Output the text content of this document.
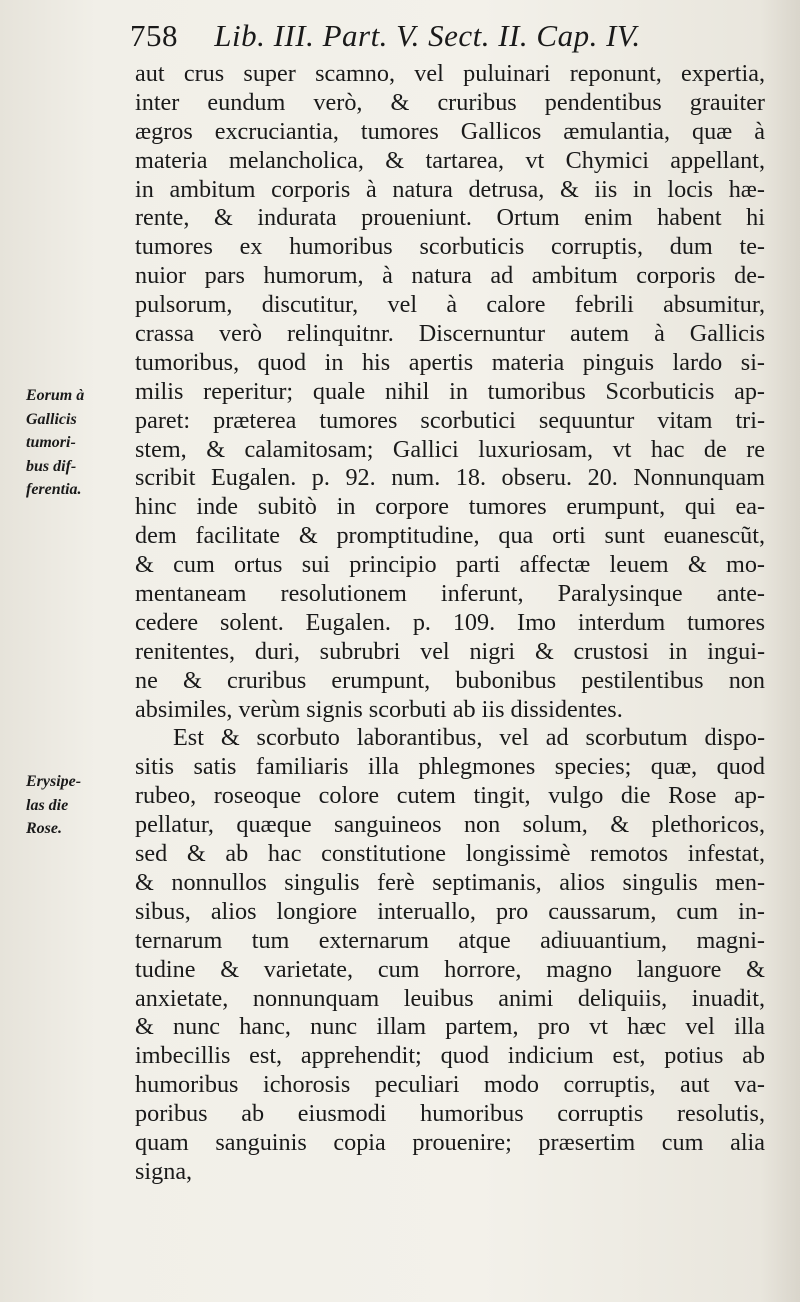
758 Lib. III. Part. V. Sect. II. Cap. IV.
aut crus super scamno, vel puluinari reponunt, expertia,
inter eundum verò, & cruribus pendentibus grauiter
ægros excruciantia, tumores Gallicos æmulantia, quæ à
materia melancholica, & tartarea, vt Chymici appellant,
in ambitum corporis à natura detrusa, & iis in locis hæ-
rente, & indurata proueniunt. Ortum enim habent hi
tumores ex humoribus scorbuticis corruptis, dum te-
nuior pars humorum, à natura ad ambitum corporis de-
pulsorum, discutitur, vel à calore febrili absumitur,
crassa verò relinquitnr. Discernuntur autem à Gallicis
tumoribus, quod in his apertis materia pinguis lardo si-
milis reperitur; quale nihil in tumoribus Scorbuticis ap-
paret: præterea tumores scorbutici sequuntur vitam tri-
stem, & calamitosam; Gallici luxuriosam, vt hac de re
scribit Eugalen. p. 92. num. 18. obseru. 20. Nonnunquam
hinc inde subitò in corpore tumores erumpunt, qui ea-
dem facilitate & promptitudine, qua orti sunt euanescũt,
& cum ortus sui principio parti affectæ leuem & mo-
mentaneam resolutionem inferunt, Paralysinque ante-
cedere solent. Eugalen. p. 109. Imo interdum tumores
renitentes, duri, subrubri vel nigri & crustosi in ingui-
ne & cruribus erumpunt, bubonibus pestilentibus non
absimiles, verùm signis scorbuti ab iis dissidentes.
Est & scorbuto laborantibus, vel ad scorbutum dispo-
sitis satis familiaris illa phlegmones species; quæ, quod
rubeo, roseoque colore cutem tingit, vulgo die Rose ap-
pellatur, quæque sanguineos non solum, & plethoricos,
sed & ab hac constitutione longissimè remotos infestat,
& nonnullos singulis ferè septimanis, alios singulis men-
sibus, alios longiore interuallo, pro caussarum, cum in-
ternarum tum externarum atque adiuuantium, magni-
tudine & varietate, cum horrore, magno languore &
anxietate, nonnunquam leuibus animi deliquiis, inuadit,
& nunc hanc, nunc illam partem, pro vt hæc vel illa
imbecillis est, apprehendit; quod indicium est, potius ab
humoribus ichorosis peculiari modo corruptis, aut va-
poribus ab eiusmodi humoribus corruptis resolutis,
quam sanguinis copia prouenire; præsertim cum alia
signa,
Eorum à
Gallicis
tumori-
bus dif-
ferentia.
Erysipe-
las die
Rose.
